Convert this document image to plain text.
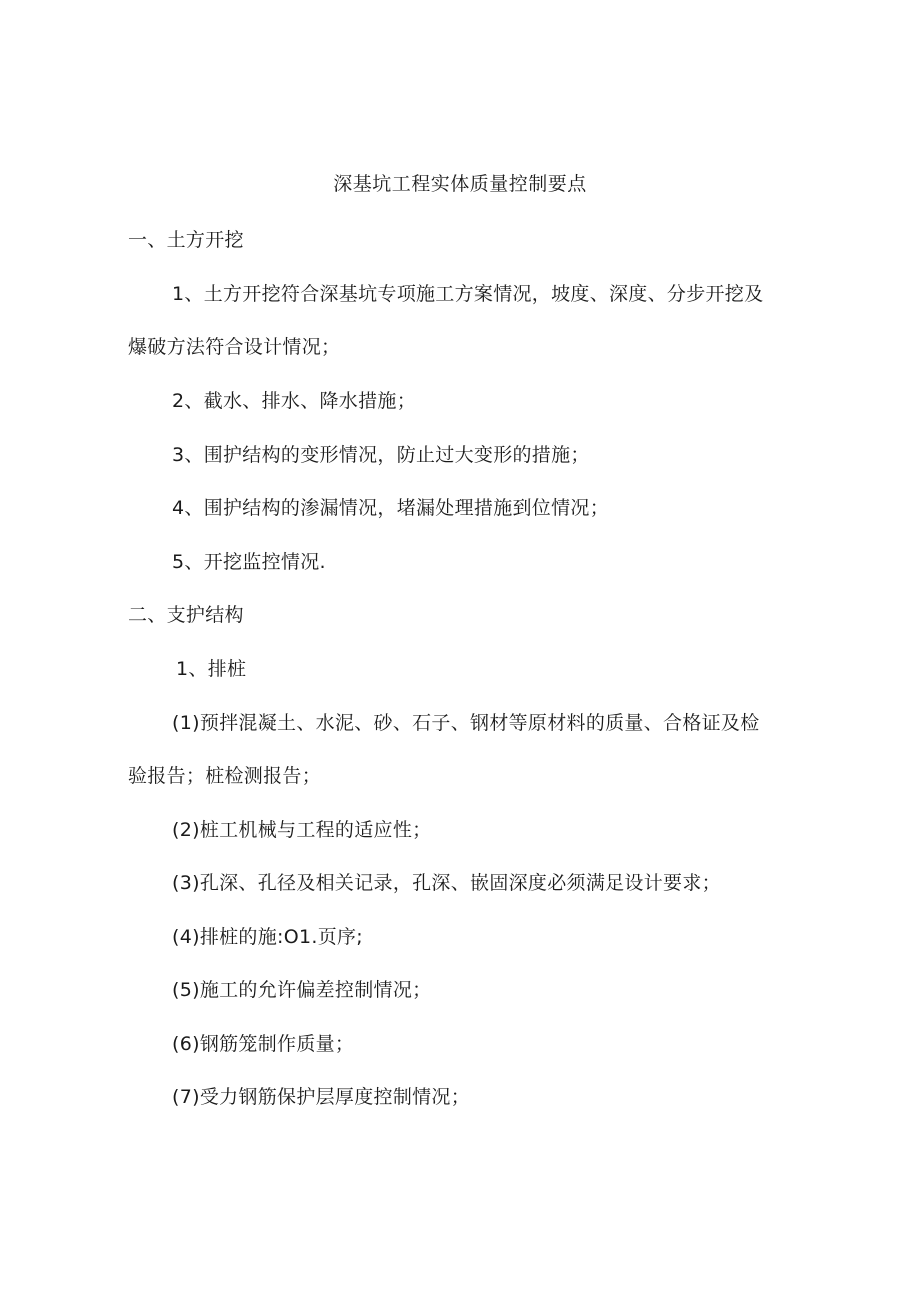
深基坑工程实体质量控制要点
一、土方开挖
1、土方开挖符合深基坑专项施工方案情况，坡度、深度、分步开挖及
爆破方法符合设计情况；
2、截水、排水、降水措施；
3、围护结构的变形情况，防止过大变形的措施；
4、围护结构的渗漏情况，堵漏处理措施到位情况；
5、开挖监控情况.
二、支护结构
1、排桩
(1)预拌混凝土、水泥、砂、石子、钢材等原材料的质量、合格证及检
验报告；桩检测报告；
(2)桩工机械与工程的适应性；
(3)孔深、孔径及相关记录，孔深、嵌固深度必须满足设计要求；
(4)排桩的施:O1.页序;
(5)施工的允许偏差控制情况；
(6)钢筋笼制作质量；
(7)受力钢筋保护层厚度控制情况；
